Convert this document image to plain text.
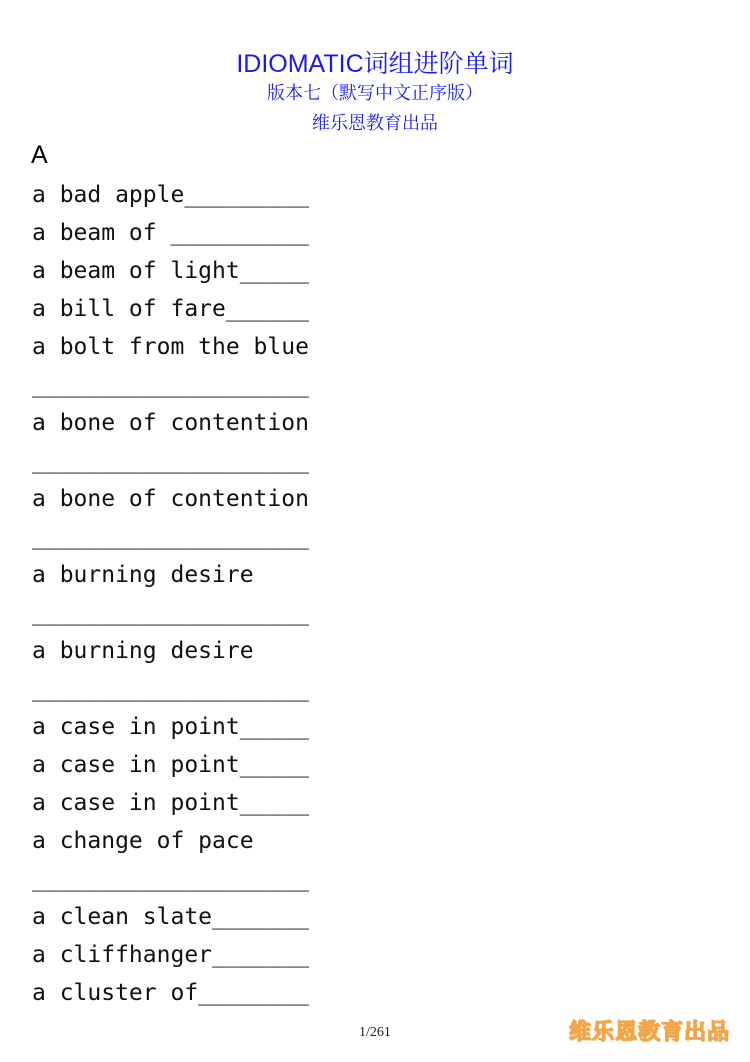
IDIOMATIC词组进阶单词
版本七（默写中文正序版）
维乐恩教育出品
A
a bad apple_________
a beam of __________
a beam of light_____
a bill of fare______
a bolt from the blue
____________________
a bone of contention
____________________
a bone of contention
____________________
a burning desire
____________________
a burning desire
____________________
a case in point_____
a case in point_____
a case in point_____
a change of pace
____________________
a clean slate_______
a cliffhanger_______
a cluster of________
1/261	维乐恩教育出品
